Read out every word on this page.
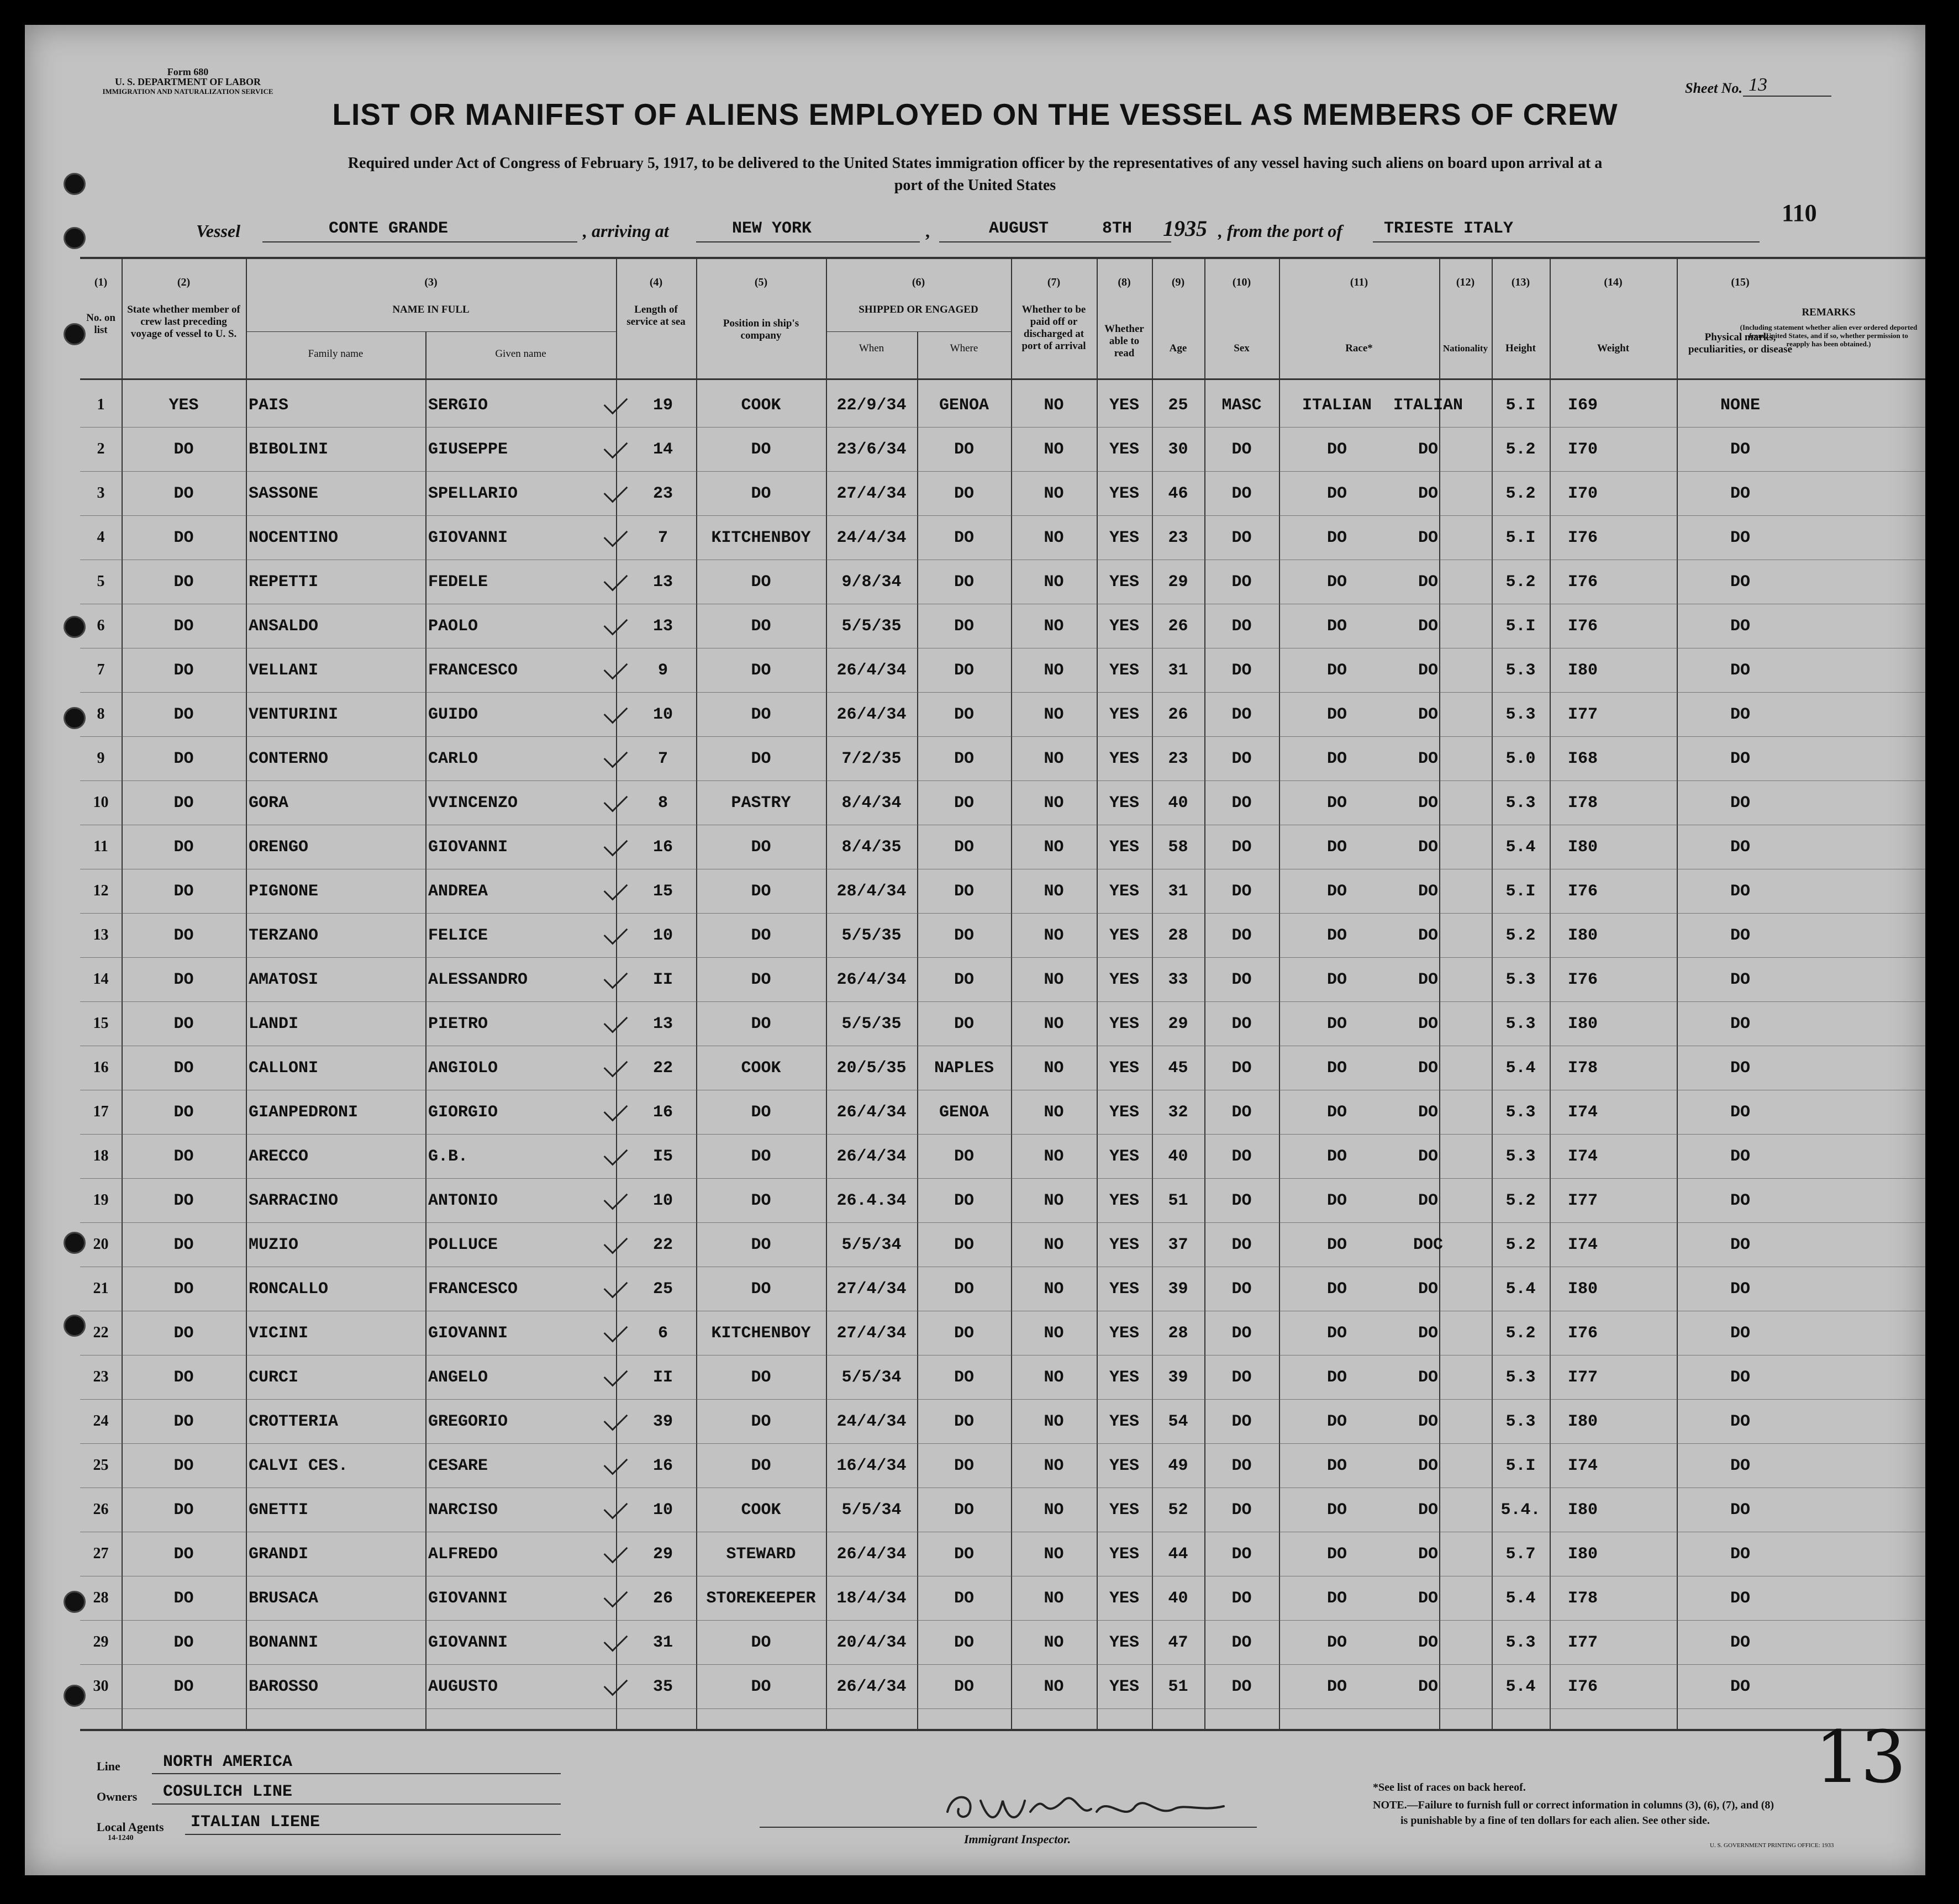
Form 680
U. S. DEPARTMENT OF LABOR
IMMIGRATION AND NATURALIZATION SERVICE	Sheet No. 13
LIST OR MANIFEST OF ALIENS EMPLOYED ON THE VESSEL AS MEMBERS OF CREW
Required under Act of Congress of February 5, 1917, to be delivered to the United States immigration officer by the representatives of any vessel having such aliens on board upon arrival at a
port of the United States
110
Vessel	CONTE GRANDE	, arriving at	NEW YORK	,	AUGUST	8TH 1935 , from the port of	TRIESTE ITALY
(1)	(2)	(3)	(4)	(5)	(6)	(7)	(8)	(9)	(10)	(11)	(12)	(13)	(14)	(15)
No. on list
State whether member of crew last preceding voyage of vessel to U. S.
NAME IN FULL
Family name	Given name
Length of service at sea	Position in ship's company
SHIPPED OR ENGAGED
When	Where
Whether to be paid off or discharged at port of arrival
Whether able to read	Age	Sex	Race*	Nationality	Height	Weight
Physical marks, peculiarities, or disease
REMARKS
(Including statement whether alien ever ordered deported from United States, and if so, whether permission to reapply has been obtained.)
1	YES	PAIS	SERGIO	19	COOK	22/9/34	GENOA	NO	YES	25	MASC	ITALIAN	ITALIAN	5.I	I69	NONE
2	DO	BIBOLINI	GIUSEPPE	14	DO	23/6/34	DO	NO	YES	30	DO	DO	DO	5.2	I70	DO
3	DO	SASSONE	SPELLARIO	23	DO	27/4/34	DO	NO	YES	46	DO	DO	DO	5.2	I70	DO
4	DO	NOCENTINO	GIOVANNI	7	KITCHENBOY	24/4/34	DO	NO	YES	23	DO	DO	DO	5.I	I76	DO
5	DO	REPETTI	FEDELE	13	DO	9/8/34	DO	NO	YES	29	DO	DO	DO	5.2	I76	DO
6	DO	ANSALDO	PAOLO	13	DO	5/5/35	DO	NO	YES	26	DO	DO	DO	5.I	I76	DO
7	DO	VELLANI	FRANCESCO	9	DO	26/4/34	DO	NO	YES	31	DO	DO	DO	5.3	I80	DO
8	DO	VENTURINI	GUIDO	10	DO	26/4/34	DO	NO	YES	26	DO	DO	DO	5.3	I77	DO
9	DO	CONTERNO	CARLO	7	DO	7/2/35	DO	NO	YES	23	DO	DO	DO	5.0	I68	DO
10	DO	GORA	VVINCENZO	8	PASTRY	8/4/34	DO	NO	YES	40	DO	DO	DO	5.3	I78	DO
11	DO	ORENGO	GIOVANNI	16	DO	8/4/35	DO	NO	YES	58	DO	DO	DO	5.4	I80	DO
12	DO	PIGNONE	ANDREA	15	DO	28/4/34	DO	NO	YES	31	DO	DO	DO	5.I	I76	DO
13	DO	TERZANO	FELICE	10	DO	5/5/35	DO	NO	YES	28	DO	DO	DO	5.2	I80	DO
14	DO	AMATOSI	ALESSANDRO	II	DO	26/4/34	DO	NO	YES	33	DO	DO	DO	5.3	I76	DO
15	DO	LANDI	PIETRO	13	DO	5/5/35	DO	NO	YES	29	DO	DO	DO	5.3	I80	DO
16	DO	CALLONI	ANGIOLO	22	COOK	20/5/35	NAPLES	NO	YES	45	DO	DO	DO	5.4	I78	DO
17	DO	GIANPEDRONI	GIORGIO	16	DO	26/4/34	GENOA	NO	YES	32	DO	DO	DO	5.3	I74	DO
18	DO	ARECCO	G.B.	I5	DO	26/4/34	DO	NO	YES	40	DO	DO	DO	5.3	I74	DO
19	DO	SARRACINO	ANTONIO	10	DO	26.4.34	DO	NO	YES	51	DO	DO	DO	5.2	I77	DO
20	DO	MUZIO	POLLUCE	22	DO	5/5/34	DO	NO	YES	37	DO	DO	DOC	5.2	I74	DO
21	DO	RONCALLO	FRANCESCO	25	DO	27/4/34	DO	NO	YES	39	DO	DO	DO	5.4	I80	DO
22	DO	VICINI	GIOVANNI	6	KITCHENBOY	27/4/34	DO	NO	YES	28	DO	DO	DO	5.2	I76	DO
23	DO	CURCI	ANGELO	II	DO	5/5/34	DO	NO	YES	39	DO	DO	DO	5.3	I77	DO
24	DO	CROTTERIA	GREGORIO	39	DO	24/4/34	DO	NO	YES	54	DO	DO	DO	5.3	I80	DO
25	DO	CALVI CES.	CESARE	16	DO	16/4/34	DO	NO	YES	49	DO	DO	DO	5.I	I74	DO
26	DO	GNETTI	NARCISO	10	COOK	5/5/34	DO	NO	YES	52	DO	DO	DO	5.4.	I80	DO
27	DO	GRANDI	ALFREDO	29	STEWARD	26/4/34	DO	NO	YES	44	DO	DO	DO	5.7	I80	DO
28	DO	BRUSACA	GIOVANNI	26	STOREKEEPER	18/4/34	DO	NO	YES	40	DO	DO	DO	5.4	I78	DO
29	DO	BONANNI	GIOVANNI	31	DO	20/4/34	DO	NO	YES	47	DO	DO	DO	5.3	I77	DO
30	DO	BAROSSO	AUGUSTO	35	DO	26/4/34	DO	NO	YES	51	DO	DO	DO	5.4	I76	DO
Line	NORTH AMERICA
Owners COSULICH LINE
Local Agents ITALIAN LIENE
14-1240	Immigrant Inspector.
*See list of races on back hereof.
NOTE.—Failure to furnish full or correct information in columns (3), (6), (7), and (8)
is punishable by a fine of ten dollars for each alien. See other side.
U. S. GOVERNMENT PRINTING OFFICE: 1933
13
